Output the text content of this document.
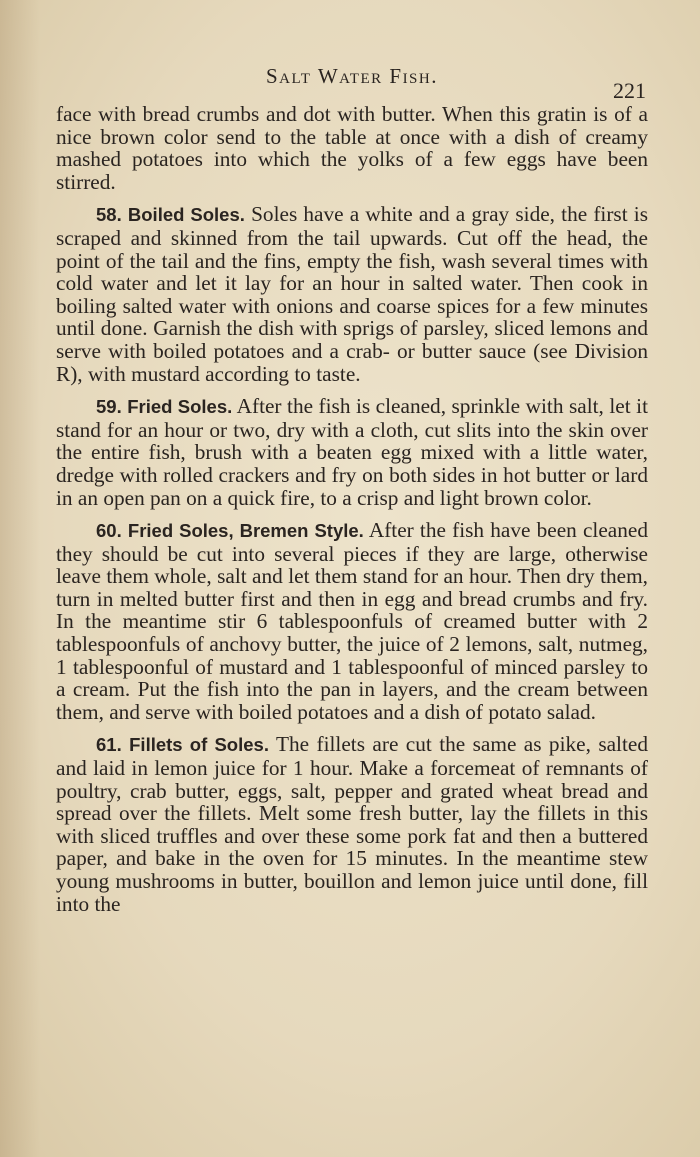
Salt Water Fish.
221

face with bread crumbs and dot with butter. When this gratin is of a nice brown color send to the table at once with a dish of creamy mashed potatoes into which the yolks of a few eggs have been stirred.

58. Boiled Soles. Soles have a white and a gray side, the first is scraped and skinned from the tail upwards. Cut off the head, the point of the tail and the fins, empty the fish, wash several times with cold water and let it lay for an hour in salted water. Then cook in boiling salted water with onions and coarse spices for a few minutes until done. Garnish the dish with sprigs of parsley, sliced lemons and serve with boiled potatoes and a crab- or butter sauce (see Division R), with mustard according to taste.

59. Fried Soles. After the fish is cleaned, sprinkle with salt, let it stand for an hour or two, dry with a cloth, cut slits into the skin over the entire fish, brush with a beaten egg mixed with a little water, dredge with rolled crackers and fry on both sides in hot butter or lard in an open pan on a quick fire, to a crisp and light brown color.

60. Fried Soles, Bremen Style. After the fish have been cleaned they should be cut into several pieces if they are large, otherwise leave them whole, salt and let them stand for an hour. Then dry them, turn in melted butter first and then in egg and bread crumbs and fry. In the meantime stir 6 tablespoonfuls of creamed butter with 2 tablespoonfuls of anchovy butter, the juice of 2 lemons, salt, nutmeg, 1 tablespoonful of mustard and 1 tablespoonful of minced parsley to a cream. Put the fish into the pan in layers, and the cream between them, and serve with boiled potatoes and a dish of potato salad.

61. Fillets of Soles. The fillets are cut the same as pike, salted and laid in lemon juice for 1 hour. Make a forcemeat of remnants of poultry, crab butter, eggs, salt, pepper and grated wheat bread and spread over the fillets. Melt some fresh butter, lay the fillets in this with sliced truffles and over these some pork fat and then a buttered paper, and bake in the oven for 15 minutes. In the meantime stew young mushrooms in butter, bouillon and lemon juice until done, fill into the
